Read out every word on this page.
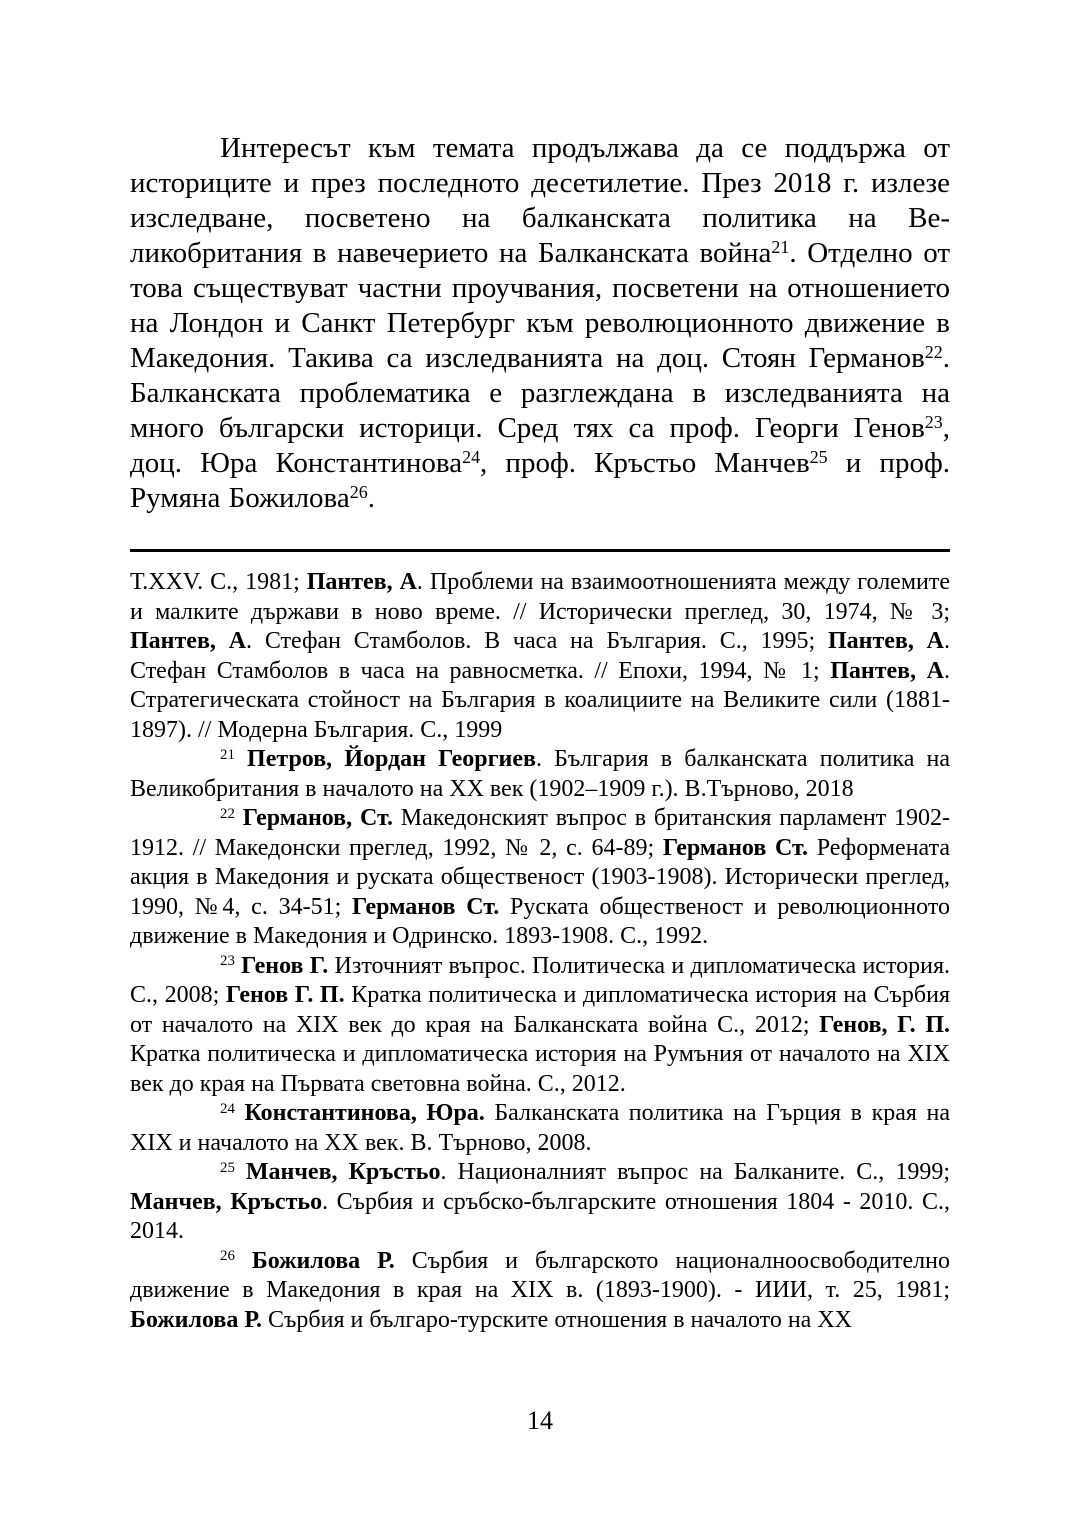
Интересът към темата продължава да се поддържа от историците и през последното десетилетие. През 2018 г. излезе изследване, посветено на балканската политика на Великобритания в навечерието на Балканската война$^{21}$. Отделно от това съществуват частни проучвания, посветени на отношението на Лондон и Санкт Петербург към революционното движение в Македония. Такива са изследванията на доц. Стоян Германов$^{22}$. Балканската проблематика е разглеждана в изследванията на много български историци. Сред тях са проф. Георги Генов$^{23}$, доц. Юра Константинова$^{24}$, проф. Кръстьо Манчев$^{25}$ и проф. Румяна Божилова$^{26}$.

Т.XXV. С., 1981; Пантев, А. Проблеми на взаимоотношенията между големите и малките държави в ново време. // Исторически преглед, 30, 1974, № 3; Пантев, А. Стефан Стамболов. В часа на България. С., 1995; Пантев, А. Стефан Стамболов в часа на равносметка. // Епохи, 1994, № 1; Пантев, А. Стратегическата стойност на България в коалициите на Великите сили (1881-1897). // Модерна България. С., 1999

$^{21}$ Петров, Йордан Георгиев. България в балканската политика на Великобритания в началото на ХХ век (1902–1909 г.). В.Търново, 2018

$^{22}$ Германов, Ст. Македонският въпрос в британския парламент 1902-1912. // Македонски преглед, 1992, № 2, с. 64-89; Германов Ст. Реформената акция в Македония и руската общественост (1903-1908). Исторически преглед, 1990, №4, с. 34-51; Германов Ст. Руската общественост и революционното движение в Македония и Одринско. 1893-1908. С., 1992.

$^{23}$ Генов Г. Източният въпрос. Политическа и дипломатическа история. С., 2008; Генов Г. П. Кратка политическа и дипломатическа история на Сърбия от началото на XIX век до края на Балканската война С., 2012; Генов, Г. П. Кратка политическа и дипломатическа история на Румъния от началото на XIX век до края на Първата световна война. С., 2012.

$^{24}$ Константинова, Юра. Балканската политика на Гърция в края на XIX и началото на XX век. В. Търново, 2008.

$^{25}$ Манчев, Кръстьо. Националният въпрос на Балканите. С., 1999; Манчев, Кръстьо. Сърбия и сръбско-българските отношения 1804 - 2010. С., 2014.

$^{26}$ Божилова Р. Сърбия и българското националноосвободително движение в Македония в края на XIX в. (1893-1900). - ИИИ, т. 25, 1981; Божилова Р. Сърбия и българо-турските отношения в началото на XX

14
